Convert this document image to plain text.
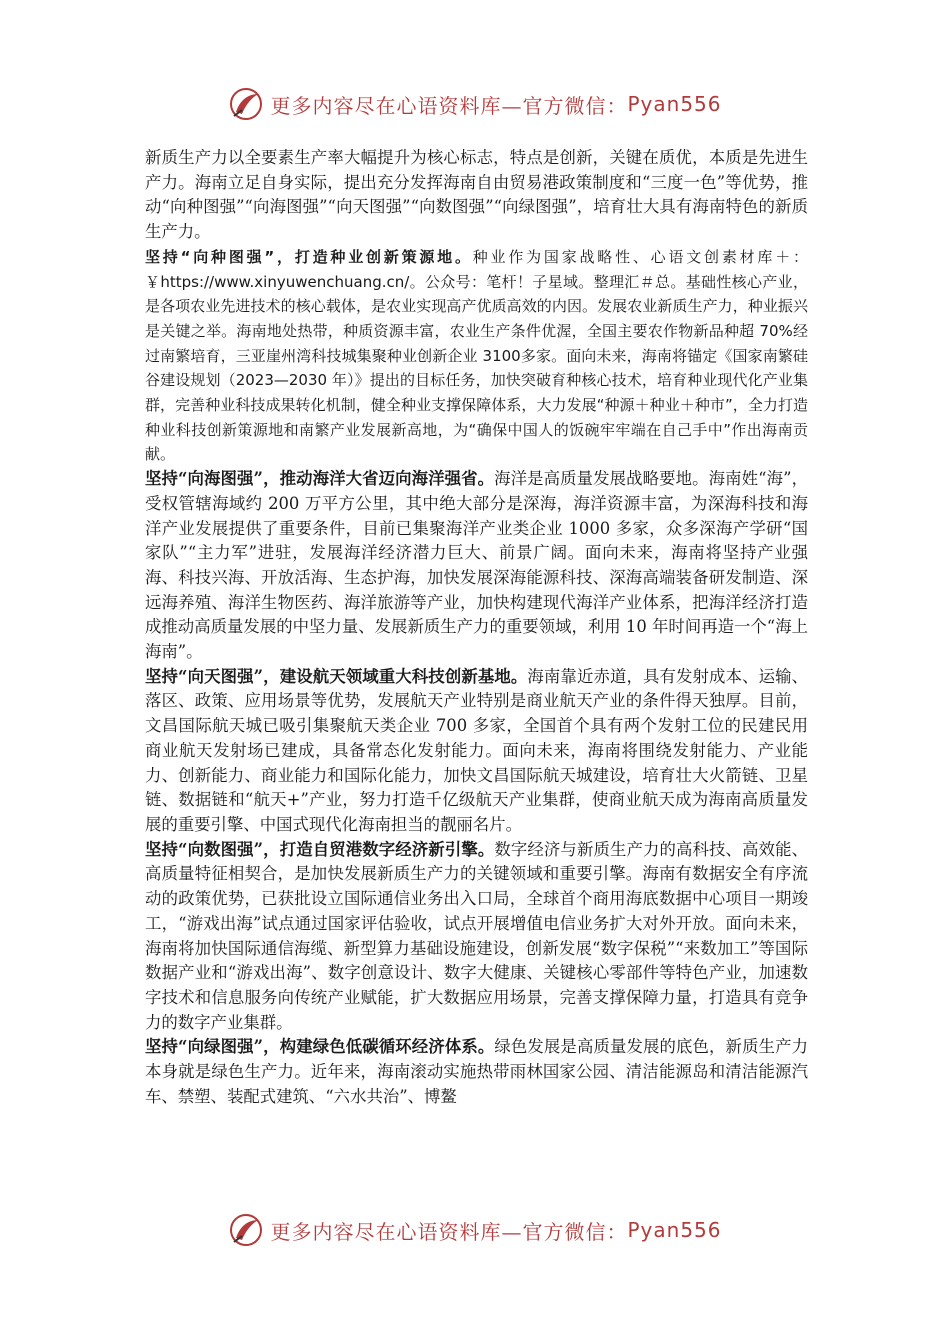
更多内容尽在心语资料库—官方微信： Pyan556

新质生产力以全要素生产率大幅提升为核心标志，特点是创新，关键在质优，本质是先进生产力。海南立足自身实际，提出充分发挥海南自由贸易港政策制度和“三度一色”等优势，推动“向种图强”“向海图强”“向天图强”“向数图强”“向绿图强”，培育壮大具有海南特色的新质生产力。

坚持“向种图强”，打造种业创新策源地。种业作为国家战略性、心语文创素材库＋：￥https://www.xinyuwenchuang.cn/。公众号：笔杆！子星域。整理汇＃总。基础性核心产业，是各项农业先进技术的核心载体，是农业实现高产优质高效的内因。发展农业新质生产力，种业振兴是关键之举。海南地处热带，种质资源丰富，农业生产条件优渥，全国主要农作物新品种超 70%经过南繁培育，三亚崖州湾科技城集聚种业创新企业 3100多家。面向未来，海南将锚定《国家南繁硅谷建设规划（2023—2030 年）》提出的目标任务，加快突破育种核心技术，培育种业现代化产业集群，完善种业科技成果转化机制，健全种业支撑保障体系，大力发展“种源＋种业＋种市”，全力打造种业科技创新策源地和南繁产业发展新高地，为“确保中国人的饭碗牢牢端在自己手中”作出海南贡献。

坚持“向海图强”，推动海洋大省迈向海洋强省。海洋是高质量发展战略要地。海南姓“海”，受权管辖海域约 200 万平方公里，其中绝大部分是深海，海洋资源丰富，为深海科技和海洋产业发展提供了重要条件，目前已集聚海洋产业类企业 1000 多家，众多深海产学研“国家队”“主力军”进驻，发展海洋经济潜力巨大、前景广阔。面向未来，海南将坚持产业强海、科技兴海、开放活海、生态护海，加快发展深海能源科技、深海高端装备研发制造、深远海养殖、海洋生物医药、海洋旅游等产业，加快构建现代海洋产业体系，把海洋经济打造成推动高质量发展的中坚力量、发展新质生产力的重要领域，利用 10 年时间再造一个“海上海南”。

坚持“向天图强”，建设航天领域重大科技创新基地。海南靠近赤道，具有发射成本、运输、落区、政策、应用场景等优势，发展航天产业特别是商业航天产业的条件得天独厚。目前，文昌国际航天城已吸引集聚航天类企业 700 多家，全国首个具有两个发射工位的民建民用商业航天发射场已建成，具备常态化发射能力。面向未来，海南将围绕发射能力、产业能力、创新能力、商业能力和国际化能力，加快文昌国际航天城建设，培育壮大火箭链、卫星链、数据链和“航天+”产业，努力打造千亿级航天产业集群，使商业航天成为海南高质量发展的重要引擎、中国式现代化海南担当的靓丽名片。

坚持“向数图强”，打造自贸港数字经济新引擎。数字经济与新质生产力的高科技、高效能、高质量特征相契合，是加快发展新质生产力的关键领域和重要引擎。海南有数据安全有序流动的政策优势，已获批设立国际通信业务出入口局，全球首个商用海底数据中心项目一期竣工，“游戏出海”试点通过国家评估验收，试点开展增值电信业务扩大对外开放。面向未来，海南将加快国际通信海缆、新型算力基础设施建设，创新发展“数字保税”“来数加工”等国际数据产业和“游戏出海”、数字创意设计、数字大健康、关键核心零部件等特色产业，加速数字技术和信息服务向传统产业赋能，扩大数据应用场景，完善支撑保障力量，打造具有竞争力的数字产业集群。

坚持“向绿图强”，构建绿色低碳循环经济体系。绿色发展是高质量发展的底色，新质生产力本身就是绿色生产力。近年来，海南滚动实施热带雨林国家公园、清洁能源岛和清洁能源汽车、禁塑、装配式建筑、“六水共治”、博鳌

更多内容尽在心语资料库—官方微信： Pyan556
